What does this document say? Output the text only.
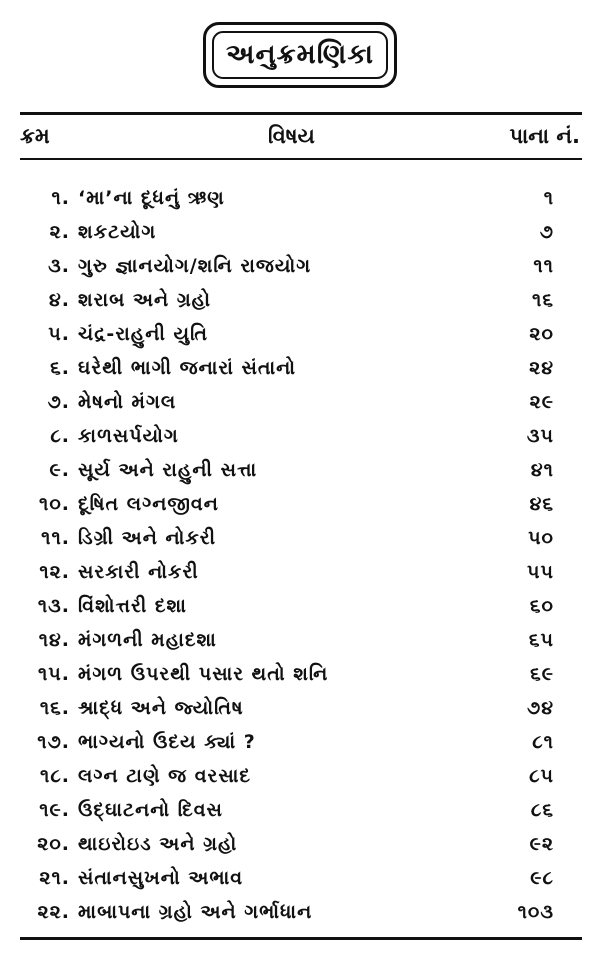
અનુક્રમણિકા
ક્રમ	વિષય	પાના નં.
૧. ‘મા’ના દૂધનું ઋણ	૧
૨. શકટયોગ	૭
૩. ગુરુ જ્ઞાનયોગ/શનિ રાજયોગ	૧૧
૪. શરાબ અને ગ્રહો	૧૬
૫. ચંદ્ર-રાહુની યુતિ	૨૦
૬. ઘરેથી ભાગી જનારાં સંતાનો	૨૪
૭. મેષનો મંગલ	૨૯
૮. કાળસર્પયોગ	૩૫
૯. સૂર્ય અને રાહુની સત્તા	૪૧
૧૦. દૂષિત લગ્નજીવન	૪૬
૧૧. ડિગ્રી અને નોકરી	૫૦
૧૨. સરકારી નોકરી	૫૫
૧૩. વિંશોત્તરી દશા	૬૦
૧૪. મંગળની મહાદશા	૬૫
૧૫. મંગળ ઉપરથી પસાર થતો શનિ	૬૯
૧૬. શ્રાદ્ધ અને જ્યોતિષ	૭૪
૧૭. ભાગ્યનો ઉદય ક્યાં ?	૮૧
૧૮. લગ્ન ટાણે જ વરસાદ	૮૫
૧૯. ઉદ્ઘાટનનો દિવસ	૮૬
૨૦. થાઇરોઇડ અને ગ્રહો	૯૨
૨૧. સંતાનસુખનો અભાવ	૯૮
૨૨. માબાપના ગ્રહો અને ગર્ભાધાન	૧૦૩
